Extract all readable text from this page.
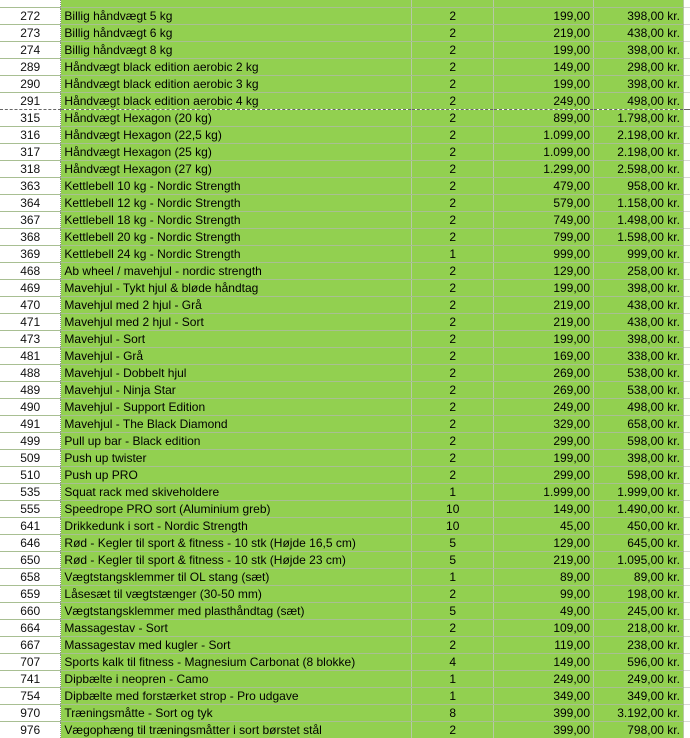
272	Billig håndvægt 5 kg	2	199,00	398,00 kr.	
273	Billig håndvægt 6 kg	2	219,00	438,00 kr.	
274	Billig håndvægt 8 kg	2	199,00	398,00 kr.	
289	Håndvægt black edition aerobic 2 kg	2	149,00	298,00 kr.	
290	Håndvægt black edition aerobic 3 kg	2	199,00	398,00 kr.	
291	Håndvægt black edition aerobic 4 kg	2	249,00	498,00 kr.	
315	Håndvægt Hexagon (20 kg)	2	899,00	1.798,00 kr.	
316	Håndvægt Hexagon (22,5 kg)	2	1.099,00	2.198,00 kr.	
317	Håndvægt Hexagon (25 kg)	2	1.099,00	2.198,00 kr.	
318	Håndvægt Hexagon (27 kg)	2	1.299,00	2.598,00 kr.	
363	Kettlebell 10 kg - Nordic Strength	2	479,00	958,00 kr.	
364	Kettlebell 12 kg - Nordic Strength	2	579,00	1.158,00 kr.	
367	Kettlebell 18 kg - Nordic Strength	2	749,00	1.498,00 kr.	
368	Kettlebell 20 kg - Nordic Strength	2	799,00	1.598,00 kr.	
369	Kettlebell 24 kg - Nordic Strength	1	999,00	999,00 kr.	
468	Ab wheel / mavehjul - nordic strength	2	129,00	258,00 kr.	
469	Mavehjul - Tykt hjul & bløde håndtag	2	199,00	398,00 kr.	
470	Mavehjul med 2 hjul - Grå	2	219,00	438,00 kr.	
471	Mavehjul med 2 hjul - Sort	2	219,00	438,00 kr.	
473	Mavehjul - Sort	2	199,00	398,00 kr.	
481	Mavehjul - Grå	2	169,00	338,00 kr.	
488	Mavehjul - Dobbelt hjul	2	269,00	538,00 kr.	
489	Mavehjul - Ninja Star	2	269,00	538,00 kr.	
490	Mavehjul - Support Edition	2	249,00	498,00 kr.	
491	Mavehjul - The Black Diamond	2	329,00	658,00 kr.	
499	Pull up bar - Black edition	2	299,00	598,00 kr.	
509	Push up twister	2	199,00	398,00 kr.	
510	Push up PRO	2	299,00	598,00 kr.	
535	Squat rack med skiveholdere	1	1.999,00	1.999,00 kr.	
555	Speedrope PRO sort (Aluminium greb)	10	149,00	1.490,00 kr.	
641	Drikkedunk i sort - Nordic Strength	10	45,00	450,00 kr.	
646	Rød - Kegler til sport & fitness - 10 stk (Højde 16,5 cm)	5	129,00	645,00 kr.	
650	Rød - Kegler til sport & fitness - 10 stk (Højde 23 cm)	5	219,00	1.095,00 kr.	
658	Vægtstangsklemmer til OL stang (sæt)	1	89,00	89,00 kr.	
659	Låsesæt til vægtstænger (30-50 mm)	2	99,00	198,00 kr.	
660	Vægtstangsklemmer med plasthåndtag (sæt)	5	49,00	245,00 kr.	
664	Massagestav - Sort	2	109,00	218,00 kr.	
667	Massagestav med kugler - Sort	2	119,00	238,00 kr.	
707	Sports kalk til fitness - Magnesium Carbonat (8 blokke)	4	149,00	596,00 kr.	
741	Dipbælte i neopren - Camo	1	249,00	249,00 kr.	
754	Dipbælte med forstærket strop - Pro udgave	1	349,00	349,00 kr.	
970	Træningsmåtte - Sort og tyk	8	399,00	3.192,00 kr.	
976	Vægophæng til træningsmåtter i sort børstet stål	2	399,00	798,00 kr.	
